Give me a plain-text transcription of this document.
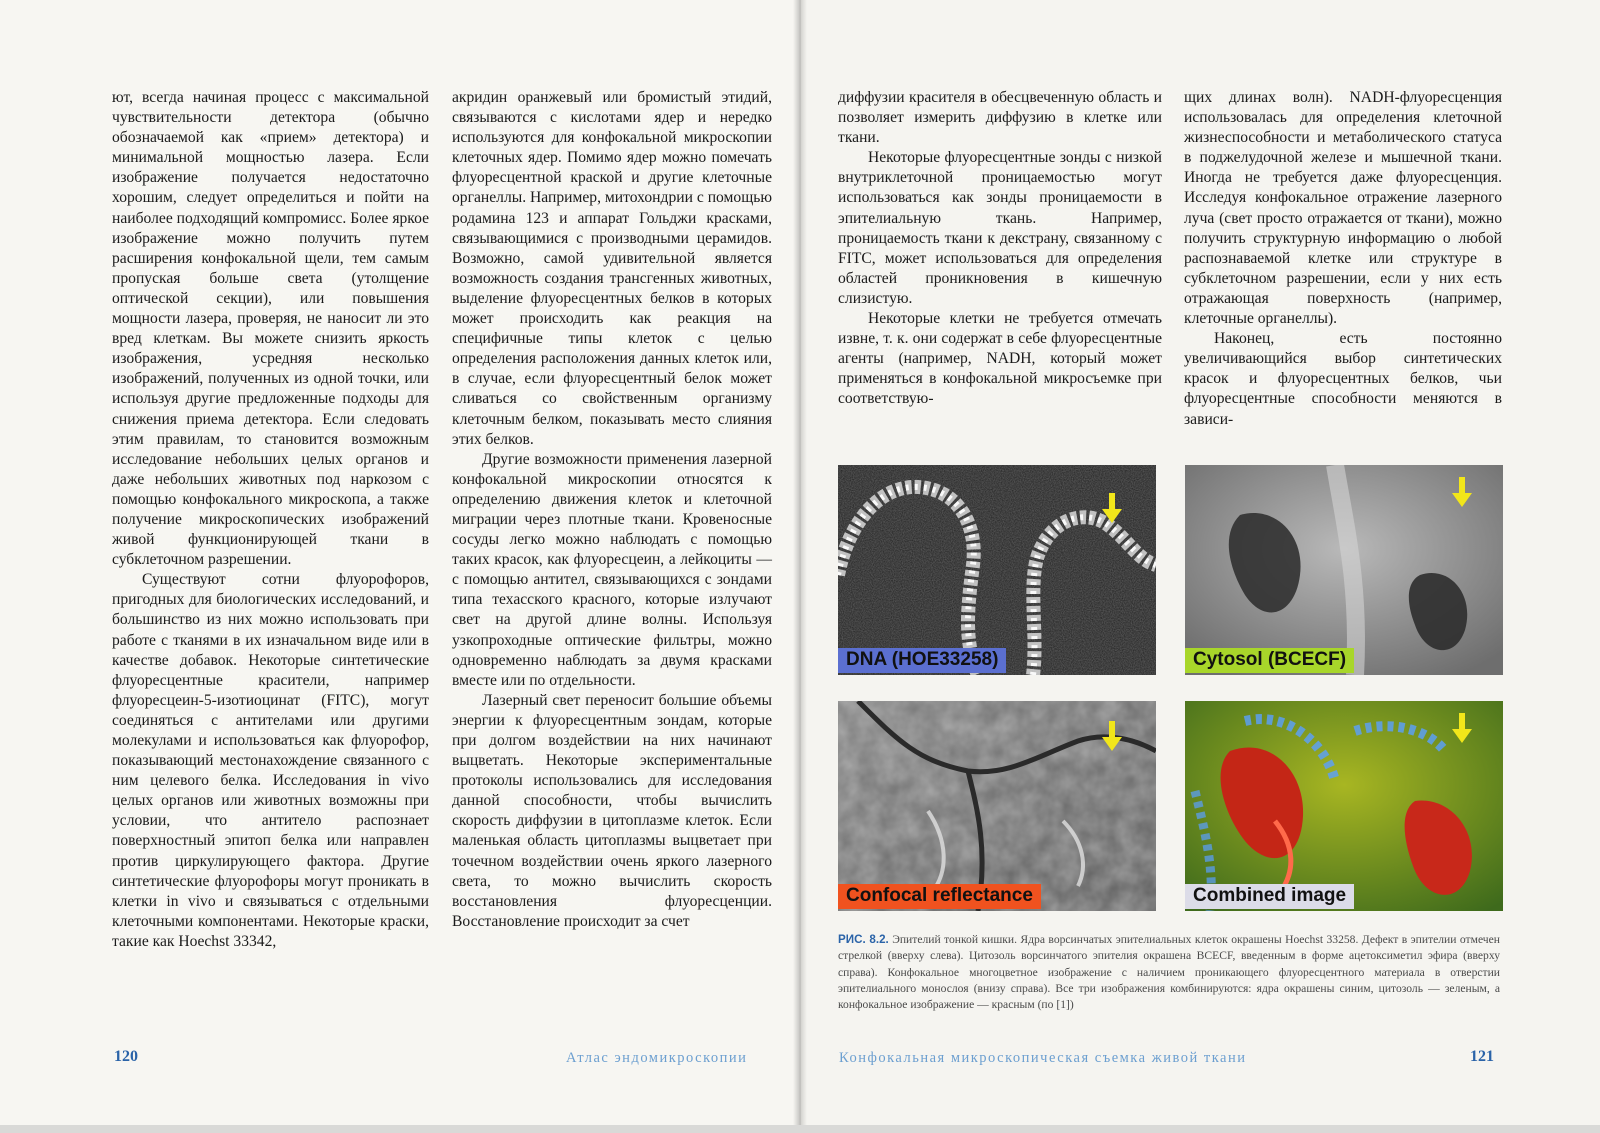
ют, всегда начиная процесс с максимальной чувствительности детектора (обычно обозначаемой как «прием» детектора) и минимальной мощностью лазера. Если изображение получается недостаточно хорошим, следует определиться и пойти на наиболее подходящий компромисс. Более яркое изображение можно получить путем расширения конфокальной щели, тем самым пропуская больше света (утолщение оптической секции), или повышения мощности лазера, проверяя, не наносит ли это вред клеткам. Вы можете снизить яркость изображения, усредняя несколько изображений, полученных из одной точки, или используя другие предложенные подходы для снижения приема детектора. Если следовать этим правилам, то становится возможным исследование небольших целых органов и даже небольших животных под наркозом с помощью конфокального микроскопа, а также получение микроскопических изображений живой функционирующей ткани в субклеточном разрешении.

Существуют сотни флуорофоров, пригодных для биологических исследований, и большинство из них можно использовать при работе с тканями в их изначальном виде или в качестве добавок. Некоторые синтетические флуоресцентные красители, например флуоресцеин-5-изотиоцинат (FITC), могут соединяться с антителами или другими молекулами и использоваться как флуорофор, показывающий местонахождение связанного с ним целевого белка. Исследования in vivo целых органов или животных возможны при условии, что антитело распознает поверхностный эпитоп белка или направлен против циркулирующего фактора. Другие синтетические флуорофоры могут проникать в клетки in vivo и связываться с отдельными клеточными компонентами. Некоторые краски, такие как Hoechst 33342,

акридин оранжевый или бромистый этидий, связываются с кислотами ядер и нередко используются для конфокальной микроскопии клеточных ядер. Помимо ядер можно помечать флуоресцентной краской и другие клеточные органеллы. Например, митохондрии с помощью родамина 123 и аппарат Гольджи красками, связывающимися с производными церамидов. Возможно, самой удивительной является возможность создания трансгенных животных, выделение флуоресцентных белков в которых может происходить как реакция на специфичные типы клеток с целью определения расположения данных клеток или, в случае, если флуоресцентный белок может сливаться со свойственным организму клеточным белком, показывать место слияния этих белков.

Другие возможности применения лазерной конфокальной микроскопии относятся к определению движения клеток и клеточной миграции через плотные ткани. Кровеносные сосуды легко можно наблюдать с помощью таких красок, как флуоресцеин, а лейкоциты — с помощью антител, связывающихся с зондами типа техасского красного, которые излучают свет на другой длине волны. Используя узкопроходные оптические фильтры, можно одновременно наблюдать за двумя красками вместе или по отдельности.

Лазерный свет переносит большие объемы энергии к флуоресцентным зондам, которые при долгом воздействии на них начинают выцветать. Некоторые экспериментальные протоколы использовались для исследования данной способности, чтобы вычислить скорость диффузии в цитоплазме клеток. Если маленькая область цитоплазмы выцветает при точечном воздействии очень яркого лазерного света, то можно вычислить скорость восстановления флуоресценции. Восстановление происходит за счет

диффузии красителя в обесцвеченную область и позволяет измерить диффузию в клетке или ткани.

Некоторые флуоресцентные зонды с низкой внутриклеточной проницаемостью могут использоваться как зонды проницаемости в эпителиальную ткань. Например, проницаемость ткани к декстрану, связанному с FITC, может использоваться для определения областей проникновения в кишечную слизистую.

Некоторые клетки не требуется отмечать извне, т. к. они содержат в себе флуоресцентные агенты (например, NADH, который может применяться в конфокальной микросъемке при соответствую-

щих длинах волн). NADH-флуоресценция использовалась для определения клеточной жизнеспособности и метаболического статуса в поджелудочной железе и мышечной ткани. Иногда не требуется даже флуоресценция. Исследуя конфокальное отражение лазерного луча (свет просто отражается от ткани), можно получить структурную информацию о любой распознаваемой клетке или структуре в субклеточном разрешении, если у них есть отражающая поверхность (например, клеточные органеллы).

Наконец, есть постоянно увеличивающийся выбор синтетических красок и флуоресцентных белков, чьи флуоресцентные способности меняются в зависи-

DNA (HOE33258)	Cytosol (BCECF)
Confocal reflectance	Combined image
РИС. 8.2. Эпителий тонкой кишки. Ядра ворсинчатых эпителиальных клеток окрашены Hoechst 33258. Дефект в эпителии отмечен стрелкой (вверху слева). Цитозоль ворсинчатого эпителия окрашена BCECF, введенным в форме ацетоксиметил эфира (вверху справа). Конфокальное многоцветное изображение с наличием проникающего флуоресцентного материала в отверстии эпителиального монослоя (внизу справа). Все три изображения комбинируются: ядра окрашены синим, цитозоль — зеленым, а конфокальное изображение — красным (по [1])
120	Атлас эндомикроскопии	Конфокальная микроскопическая съемка живой ткани	121
